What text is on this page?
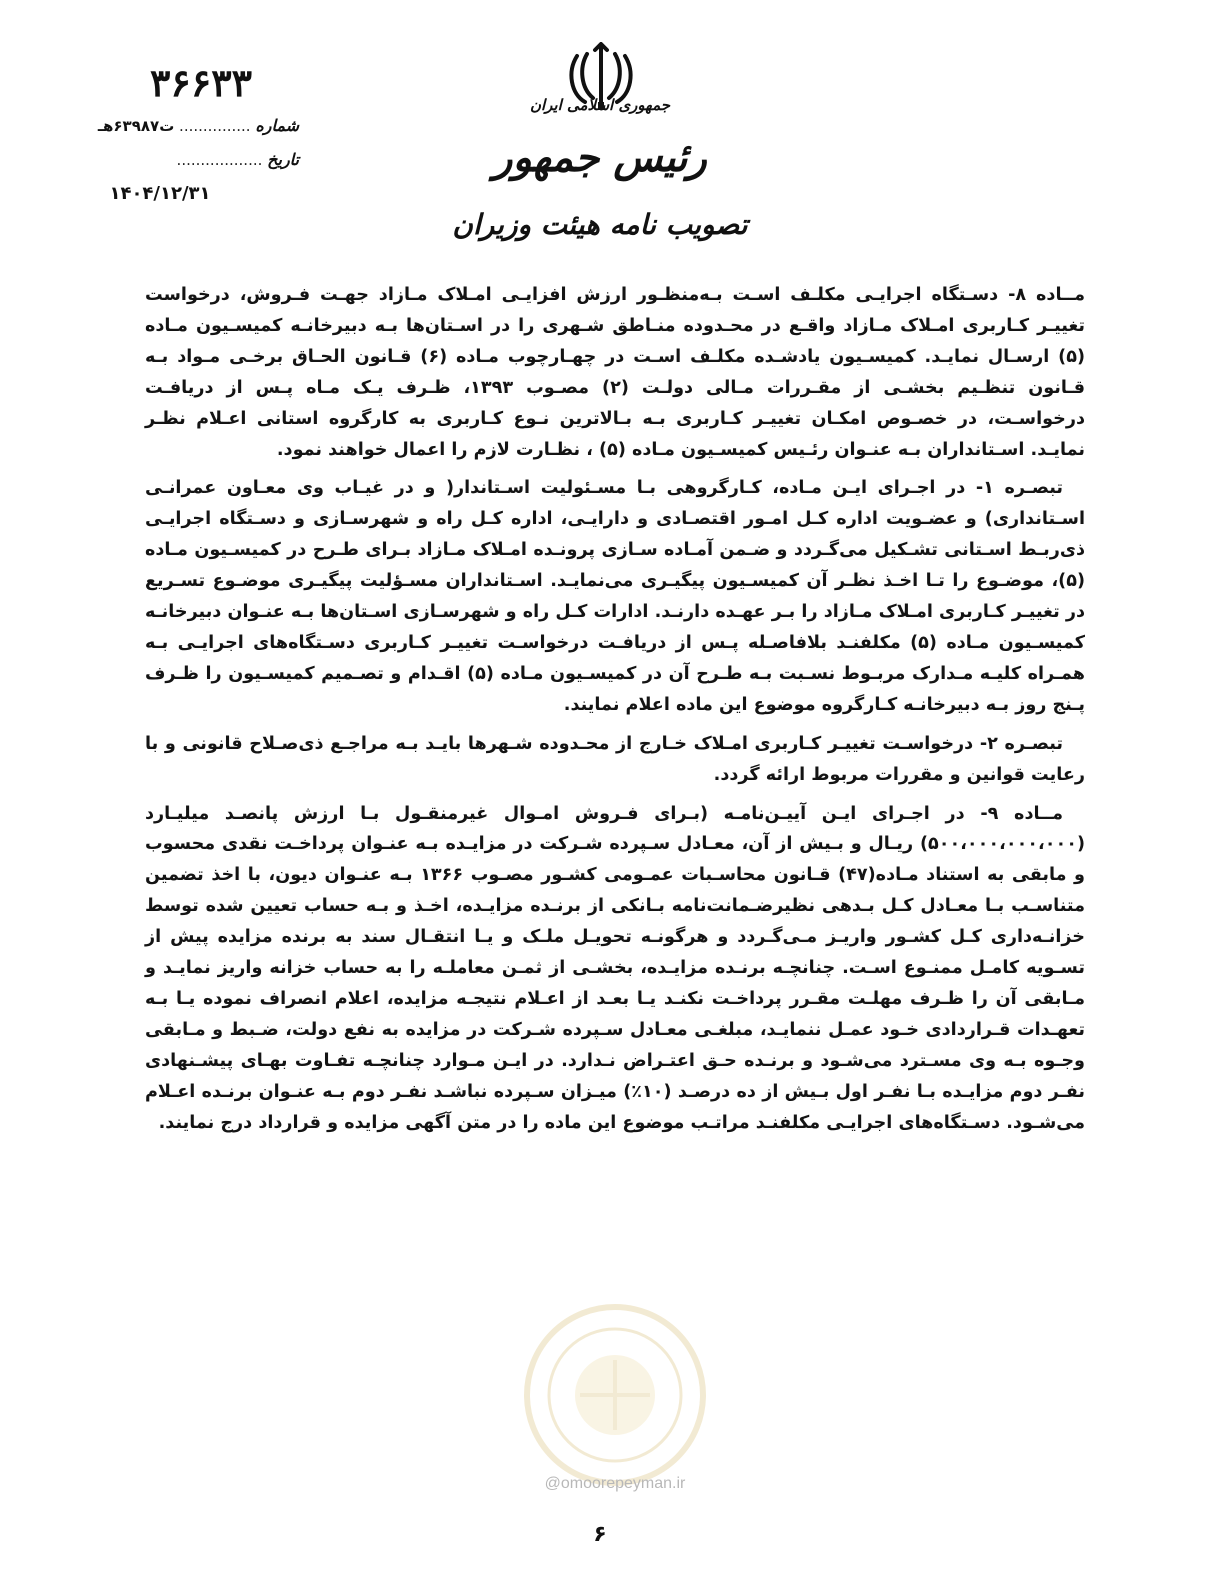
جمهوری اسلامی ایران
رئیس جمهور
تصویب نامه هیئت وزیران
۳۶۶۳۳
شماره ............... ت۶۳۹۸۷هـ
تاریخ ..................
۱۴۰۴/۱۲/۳۱

مــاده ۸- دسـتگاه اجرایـی مکلـف اسـت بـه‌منظـور ارزش افزایـی امـلاک مـازاد جهـت فـروش، درخواست تغییـر کـاربری امـلاک مـازاد واقـع در محـدوده منـاطق شـهری را در اسـتان‌ها بـه دبیرخانـه کمیسـیون مـاده (۵) ارسـال نمایـد. کمیسـیون یادشـده مکلـف اسـت در چهـارچوب مـاده (۶) قـانون الحـاق برخـی مـواد بـه قـانون تنظـیم بخشـی از مقـررات مـالی دولـت (۲) مصـوب ۱۳۹۳، ظـرف یـک مـاه پـس از دریافـت درخواسـت، در خصـوص امکـان تغییـر کـاربری بـه بـالاترین نـوع کـاربری به کارگروه استانی اعـلام نظـر نمایـد. اسـتانداران بـه عنـوان رئـیس کمیسـیون مـاده (۵) ، نظـارت لازم را اعمال خواهند نمود.

تبصـره ۱- در اجـرای ایـن مـاده، کـارگروهی بـا مسـئولیت اسـتاندار( و در غیـاب وی معـاون عمرانـی اسـتانداری) و عضـویت اداره کـل امـور اقتصـادی و دارایـی، اداره کـل راه و شهرسـازی و دسـتگاه اجرایـی ذی‌ربـط اسـتانی تشـکیل می‌گـردد و ضـمن آمـاده سـازی پرونـده امـلاک مـازاد بـرای طـرح در کمیسـیون مـاده (۵)، موضـوع را تـا اخـذ نظـر آن کمیسـیون پیگیـری می‌نمایـد. اسـتانداران مسـؤلیت پیگیـری موضـوع تسـریع در تغییـر کـاربری امـلاک مـازاد را بـر عهـده دارنـد. ادارات کـل راه و شهرسـازی اسـتان‌ها بـه عنـوان دبیرخانـه کمیسـیون مـاده (۵) مکلفنـد بلافاصـله پـس از دریافـت درخواسـت تغییـر کـاربری دسـتگاه‌های اجرایـی بـه همـراه کلیـه مـدارک مربـوط نسـبت بـه طـرح آن در کمیسـیون مـاده (۵) اقـدام و تصـمیم کمیسـیون را ظـرف پـنج روز بـه دبیرخانـه کـارگروه موضوع این ماده اعلام نمایند.

تبصـره ۲- درخواسـت تغییـر کـاربری امـلاک خـارج از محـدوده شـهرها بایـد بـه مراجـع ذی‌صـلاح قانونی و با رعایت قوانین و مقررات مربوط ارائه گردد.

مــاده ۹- در اجـرای ایـن آییـن‌نامـه (بـرای فـروش امـوال غیرمنقـول بـا ارزش پانصـد میلیـارد (۵۰۰،۰۰۰،۰۰۰،۰۰۰) ریـال و بـیش از آن، معـادل سـپرده شـرکت در مزایـده بـه عنـوان پرداخـت نقدی محسوب و مابقی به استناد مـاده(۴۷) قـانون محاسـبات عمـومی کشـور مصـوب ۱۳۶۶ بـه عنـوان دیون، با اخذ تضمین متناسـب بـا معـادل کـل بـدهی نظیرضـمانت‌نامه بـانکی از برنـده مزایـده، اخـذ و بـه حساب تعیین شده توسط خزانـه‌داری کـل کشـور واریـز مـی‌گـردد و هرگونـه تحویـل ملـک و یـا انتقـال سند به برنده مزایده پیش از تسـویه کامـل ممنـوع اسـت. چنانچـه برنـده مزایـده، بخشـی از ثمـن معاملـه را به حساب خزانه واریز نمایـد و مـابقی آن را ظـرف مهلـت مقـرر پرداخـت نکنـد یـا بعـد از اعـلام نتیجـه مزایده، اعلام انصراف نموده یـا بـه تعهـدات قـراردادی خـود عمـل ننمایـد، مبلغـی معـادل سـپرده شـرکت در مزایده به نفع دولت، ضـبط و مـابقی وجـوه بـه وی مسـترد می‌شـود و برنـده حـق اعتـراض نـدارد. در ایـن مـوارد چنانچـه تفـاوت بهـای پیشـنهادی نفـر دوم مزایـده بـا نفـر اول بـیش از ده درصـد (۱۰٪) میـزان سـپرده نباشـد نفـر دوم بـه عنـوان برنـده اعـلام می‌شـود. دسـتگاه‌های اجرایـی مکلفنـد مراتـب موضوع این ماده را در متن آگهی مزایده و قرارداد درج نمایند.

@omoorepeyman.ir
۶
